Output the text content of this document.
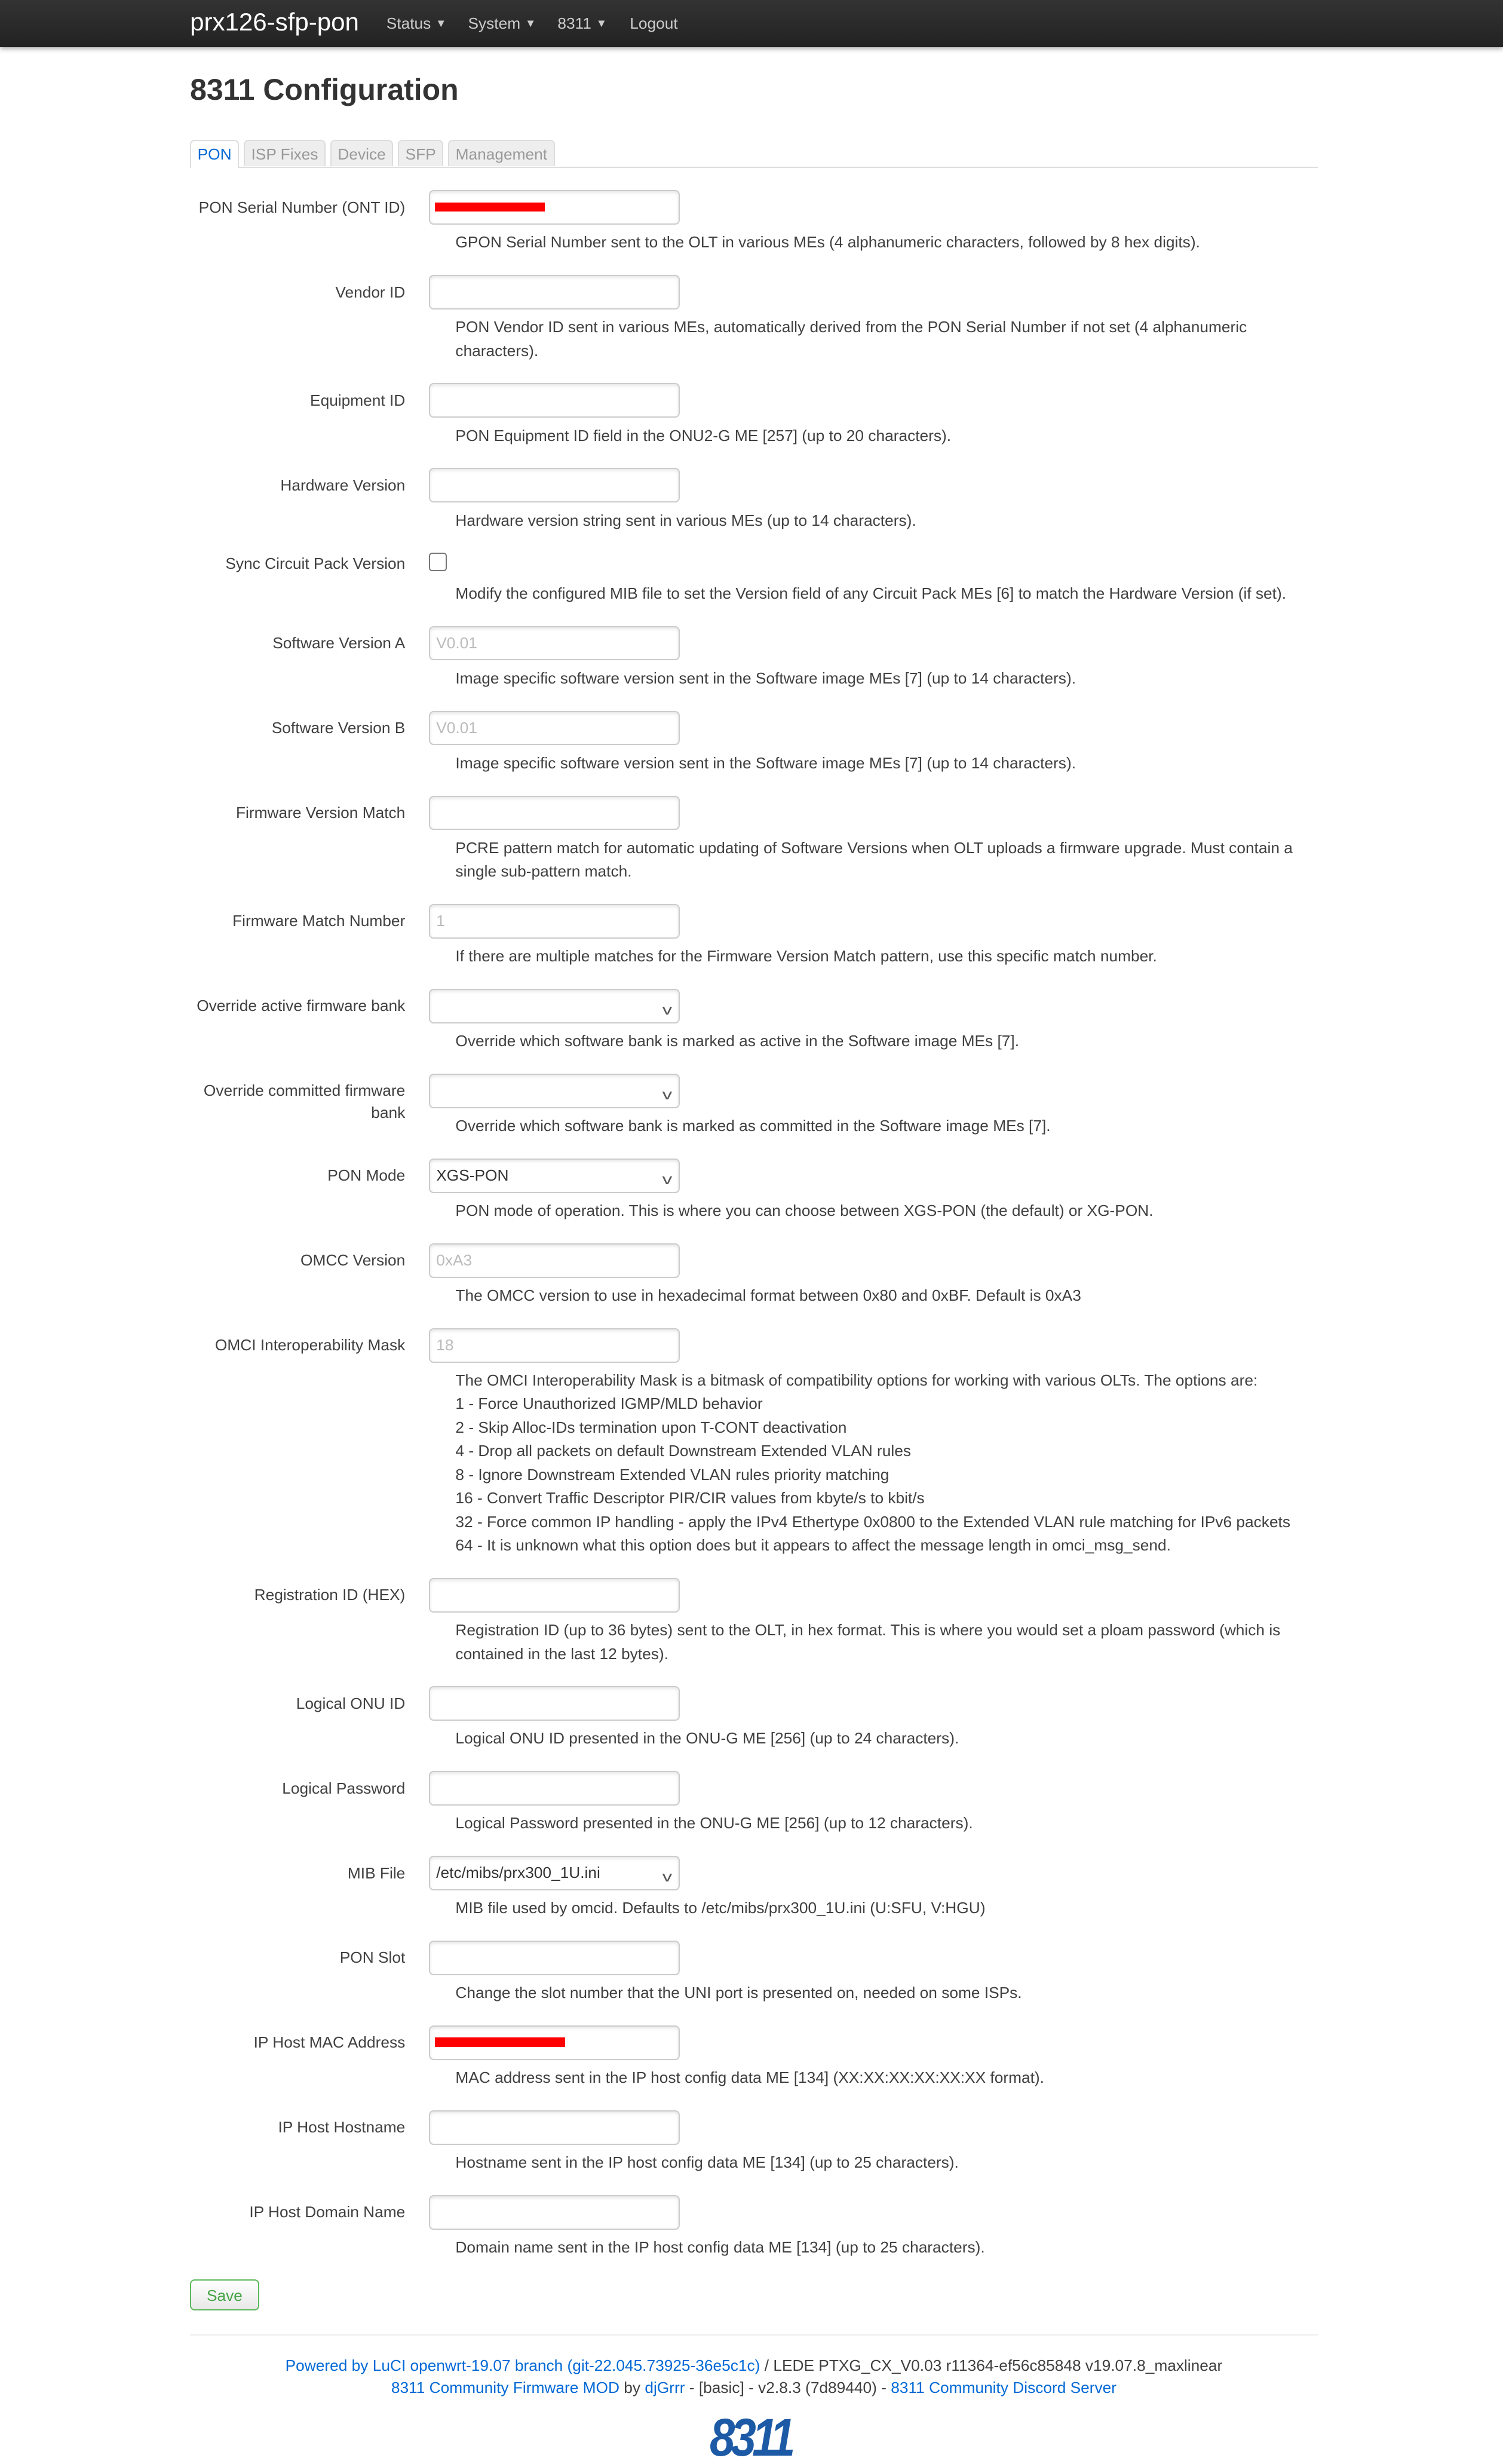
prx126-sfp-pon	Status ▼	System ▼	8311 ▼	Logout
8311 Configuration
PON	ISP Fixes	Device	SFP	Management
PON Serial Number (ONT ID)
GPON Serial Number sent to the OLT in various MEs (4 alphanumeric characters, followed by 8 hex digits).
Vendor ID
PON Vendor ID sent in various MEs, automatically derived from the PON Serial Number if not set (4 alphanumeric characters).
Equipment ID
PON Equipment ID field in the ONU2-G ME [257] (up to 20 characters).
Hardware Version
Hardware version string sent in various MEs (up to 14 characters).
Sync Circuit Pack Version
Modify the configured MIB file to set the Version field of any Circuit Pack MEs [6] to match the Hardware Version (if set).
Software Version A	V0.01
Image specific software version sent in the Software image MEs [7] (up to 14 characters).
Software Version B	V0.01
Image specific software version sent in the Software image MEs [7] (up to 14 characters).
Firmware Version Match
PCRE pattern match for automatic updating of Software Versions when OLT uploads a firmware upgrade. Must contain a single sub-pattern match.
Firmware Match Number	1
If there are multiple matches for the Firmware Version Match pattern, use this specific match number.
Override active firmware bank	v
Override which software bank is marked as active in the Software image MEs [7].
Override committed firmware bank
v
Override which software bank is marked as committed in the Software image MEs [7].
PON Mode	XGS-PON	v
PON mode of operation. This is where you can choose between XGS-PON (the default) or XG-PON.
OMCC Version	0xA3
The OMCC version to use in hexadecimal format between 0x80 and 0xBF. Default is 0xA3
OMCI Interoperability Mask	18
The OMCI Interoperability Mask is a bitmask of compatibility options for working with various OLTs. The options are:
1 - Force Unauthorized IGMP/MLD behavior
2 - Skip Alloc-IDs termination upon T-CONT deactivation
4 - Drop all packets on default Downstream Extended VLAN rules
8 - Ignore Downstream Extended VLAN rules priority matching
16 - Convert Traffic Descriptor PIR/CIR values from kbyte/s to kbit/s
32 - Force common IP handling - apply the IPv4 Ethertype 0x0800 to the Extended VLAN rule matching for IPv6 packets
64 - It is unknown what this option does but it appears to affect the message length in omci_msg_send.
Registration ID (HEX)
Registration ID (up to 36 bytes) sent to the OLT, in hex format. This is where you would set a ploam password (which is contained in the last 12 bytes).
Logical ONU ID
Logical ONU ID presented in the ONU-G ME [256] (up to 24 characters).
Logical Password
Logical Password presented in the ONU-G ME [256] (up to 12 characters).
MIB File	/etc/mibs/prx300_1U.ini	v
MIB file used by omcid. Defaults to /etc/mibs/prx300_1U.ini (U:SFU, V:HGU)
PON Slot
Change the slot number that the UNI port is presented on, needed on some ISPs.
IP Host MAC Address
MAC address sent in the IP host config data ME [134] (XX:XX:XX:XX:XX:XX format).
IP Host Hostname
Hostname sent in the IP host config data ME [134] (up to 25 characters).
IP Host Domain Name
Domain name sent in the IP host config data ME [134] (up to 25 characters).
Save
Powered by LuCI openwrt-19.07 branch (git-22.045.73925-36e5c1c) / LEDE PTXG_CX_V0.03 r11364-ef56c85848 v19.07.8_maxlinear
8311 Community Firmware MOD by djGrrr - [basic] - v2.8.3 (7d89440) - 8311 Community Discord Server
8311
